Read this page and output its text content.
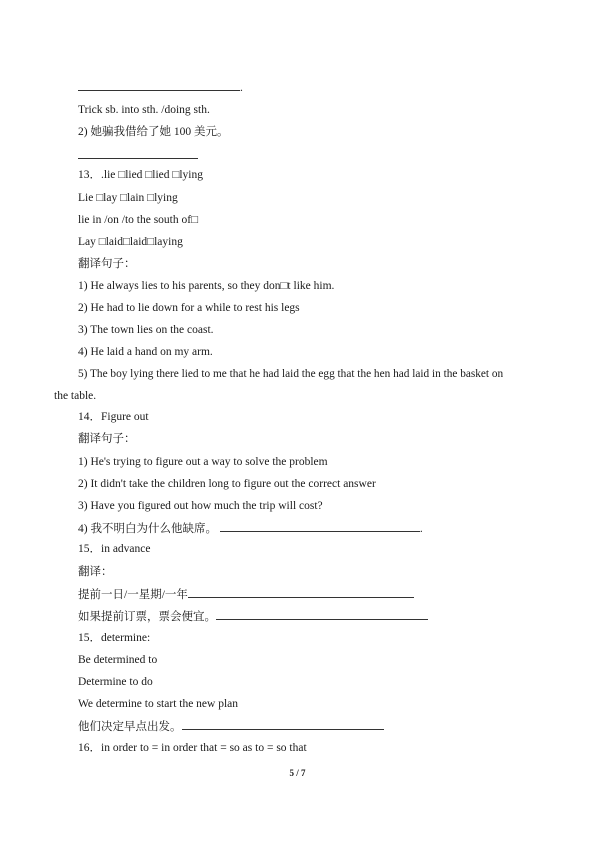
.
Trick sb. into sth. /doing sth.
2) 她骗我借给了她 100 美元。
13．.lie □lied □lied □lying
Lie □lay □lain □lying
lie in /on /to the south of□
Lay □laid□laid□laying
翻译句子：
1) He always lies to his parents, so they don□t like him.
2) He had to lie down for a while to rest his legs
3) The town lies on the coast.
4) He laid a hand on my arm.
5) The boy lying there lied to me that he had laid the egg that the hen had laid in the basket on
the table.
14．Figure out
翻译句子：
1) He's trying to figure out a way to solve the problem
2) It didn't take the children long to figure out the correct answer
3) Have you figured out how much the trip will cost?
4) 我不明白为什么他缺席。	.
15．in advance
翻译：
提前一日/一星期/一年
如果提前订票，票会便宜。
15．determine:
Be determined to
Determine to do
We determine to start the new plan
他们决定早点出发。
16．in order to = in order that = so as to = so that
5 / 7
